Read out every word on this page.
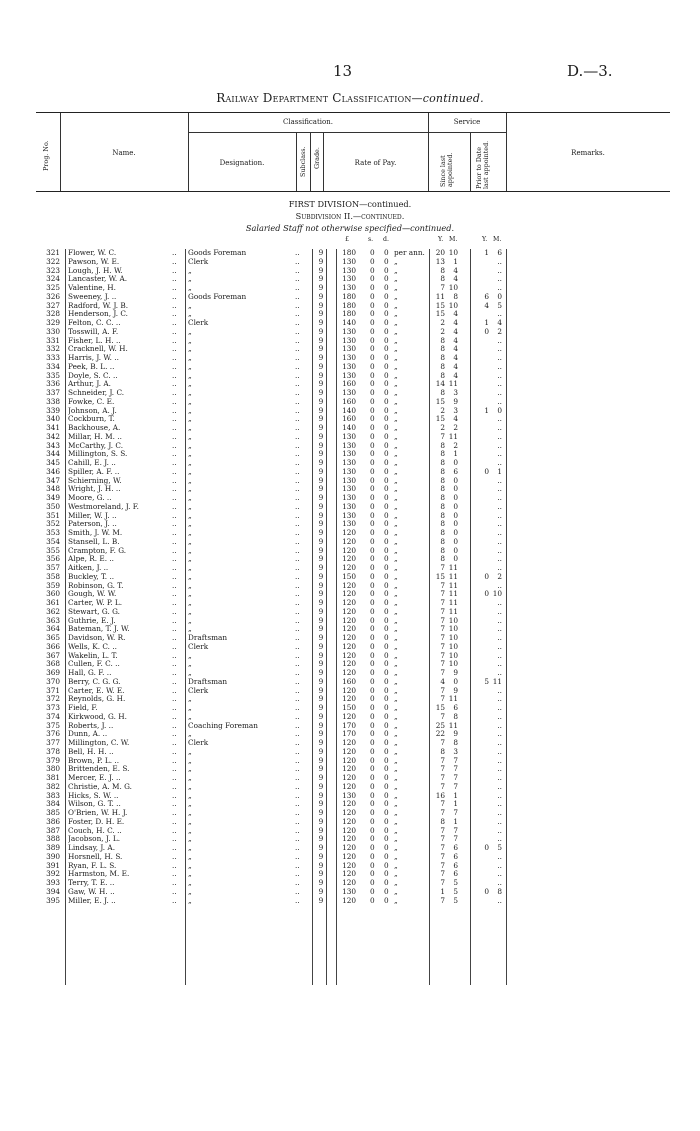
13	D.—3.
Railway Department Classification—continued.
Prog. No.	Name.
Classification.
Designation.	Subclass. Grade.	Rate of Pay.
Service
Since last appointed.	Prior to Date last appointed.	Remarks.
FIRST DIVISION—continued.
Subdivision II.—continued.
Salaried Staff not otherwise specified—continued.
£	s. d.	Y. M.	Y. M.
321 Flower, W. C.	.. Goods Foreman	..	9	180 0 0 per ann.	20 10	1	6
322 Pawson, W. E.	.. Clerk	..	9	130 0 0 „	13	1	..
323 Lough, J. H. W.	.. „	..	9	130 0 0 „	8	4	..
324 Lancaster, W. A.	.. „	..	9	130 0 0 „	8	4	..
325 Valentine, H.	.. „	..	9	130 0 0 „	7 10	..
326 Sweeney, J. ..	.. Goods Foreman	..	9	180 0 0 „	11	8	6	0
327 Radford, W. J. B.	.. „	..	9	180 0 0 „	15 10	4	5
328 Henderson, J. C.	.. „	..	9	180 0 0 „	15	4	..
329 Felton, C. C. ..	.. Clerk	..	9	140 0 0 „	2	4	1	4
330 Tosswill, A. F.	.. „	..	9	130 0 0 „	2	4	0	2
331 Fisher, L. H. ..	.. „	..	9	130 0 0 „	8	4	..
332 Cracknell, W. H.	.. „	..	9	130 0 0 „	8	4	..
333 Harris, J. W. ..	.. „	..	9	130 0 0 „	8	4	..
334 Peek, B. L. ..	.. „	..	9	130 0 0 „	8	4	..
335 Doyle, S. C. ..	.. „	..	9	130 0 0 „	8	4	..
336 Arthur, J. A.	.. „	..	9	160 0 0 „	14 11	..
337 Schneider, J. C.	.. „	..	9	130 0 0 „	8	3	..
338 Fowke, C. E.	.. „	..	9	160 0 0 „	15	9	..
339 Johnson, A. J.	.. „	..	9	140 0 0 „	2	3	1	0
340 Cockburn, T.	.. „	..	9	160 0 0 „	15	4	..
341 Backhouse, A.	.. „	..	9	140 0 0 „	2	2	..
342 Millar, H. M. ..	.. „	..	9	130 0 0 „	7 11	..
343 McCarthy, J. C.	.. „	..	9	130 0 0 „	8	2	..
344 Millington, S. S.	.. „	..	9	130 0 0 „	8	1	..
345 Cahill, E. J. ..	.. „	..	9	130 0 0 „	8	0	..
346 Spiller, A. F. ..	.. „	..	9	130 0 0 „	8	6	0	1
347 Schierning, W.	.. „	..	9	130 0 0 „	8	0	..
348 Wright, J. H. ..	.. „	..	9	130 0 0 „	8	0	..
349 Moore, G. ..	.. „	..	9	130 0 0 „	8	0	..
350 Westmoreland, J. F.	.. „	..	9	130 0 0 „	8	0	..
351 Miller, W. J. ..	.. „	..	9	130 0 0 „	8	0	..
352 Paterson, J. ..	.. „	..	9	130 0 0 „	8	0	..
353 Smith, J. W. M.	.. „	..	9	120 0 0 „	8	0	..
354 Stansell, L. B.	.. „	..	9	120 0 0 „	8	0	..
355 Crampton, F. G.	.. „	..	9	120 0 0 „	8	0	..
356 Alpe, R. E. ..	.. „	..	9	120 0 0 „	8	0	..
357 Aitken, J. ..	.. „	..	9	120 0 0 „	7 11	..
358 Buckley, T. ..	.. „	..	9	150 0 0 „	15 11	0	2
359 Robinson, G. T.	.. „	..	9	120 0 0 „	7 11	..
360 Gough, W. W.	.. „	..	9	120 0 0 „	7 11	0 10
361 Carter, W. P. L.	.. „	..	9	120 0 0 „	7 11	..
362 Stewart, G. G.	.. „	..	9	120 0 0 „	7 11	..
363 Guthrie, E. J.	.. „	..	9	120 0 0 „	7 10	..
364 Bateman, T. J. W.	.. „	..	9	120 0 0 „	7 10	..
365 Davidson, W. R.	.. Draftsman	..	9	120 0 0 „	7 10	..
366 Wells, K. C. ..	.. Clerk	..	9	120 0 0 „	7 10	..
367 Wakelin, L. T.	.. „	..	9	120 0 0 „	7 10	..
368 Cullen, F. C. ..	.. „	..	9	120 0 0 „	7 10	..
369 Hall, G. F. ..	.. „	..	9	120 0 0 „	7	9	..
370 Berry, C. G. G.	.. Draftsman	..	9	160 0 0 „	4	0	5 11
371 Carter, E. W. E.	.. Clerk	..	9	120 0 0 „	7	9	..
372 Reynolds, G. H.	.. „	..	9	120 0 0 „	7 11	..
373 Field, F.	.. „	..	9	150 0 0 „	15	6	..
374 Kirkwood, G. H.	.. „	..	9	120 0 0 „	7	8	..
375 Roberts, J. ..	.. Coaching Foreman	..	9	170 0 0 „	25 11	..
376 Dunn, A. ..	.. „	..	9	170 0 0 „	22	9	..
377 Millington, C. W.	.. Clerk	..	9	120 0 0 „	7	8	..
378 Bell, H. H. ..	.. „	..	9	120 0 0 „	8	3	..
379 Brown, P. L. ..	.. „	..	9	120 0 0 „	7	7	..
380 Brittenden, E. S.	.. „	..	9	120 0 0 „	7	7	..
381 Mercer, E. J. ..	.. „	..	9	120 0 0 „	7	7	..
382 Christie, A. M. G.	.. „	..	9	120 0 0 „	7	7	..
383 Hicks, S. W. ..	.. „	..	9	130 0 0 „	16	1	..
384 Wilson, G. T. ..	.. „	..	9	120 0 0 „	7	1	..
385 O'Brien, W. H. J.	.. „	..	9	120 0 0 „	7	7	..
386 Foster, D. H. E.	.. „	..	9	120 0 0 „	8	1	..
387 Couch, H. C. ..	.. „	..	9	120 0 0 „	7	7	..
388 Jacobson, J. L.	.. „	..	9	120 0 0 „	7	7	..
389 Lindsay, J. A.	.. „	..	9	120 0 0 „	7	6	0	5
390 Horsnell, H. S.	.. „	..	9	120 0 0 „	7	6	..
391 Ryan, F. L. S.	.. „	..	9	120 0 0 „	7	6	..
392 Harmston, M. E.	.. „	..	9	120 0 0 „	7	6	..
393 Terry, T. E. ..	.. „	..	9	120 0 0 „	7	5	..
394 Gaw, W. H. ..	.. „	..	9	130 0 0 „	1	5	0	8
395 Miller, E. J. ..	.. „	..	9	120 0 0 „	7	5	..
